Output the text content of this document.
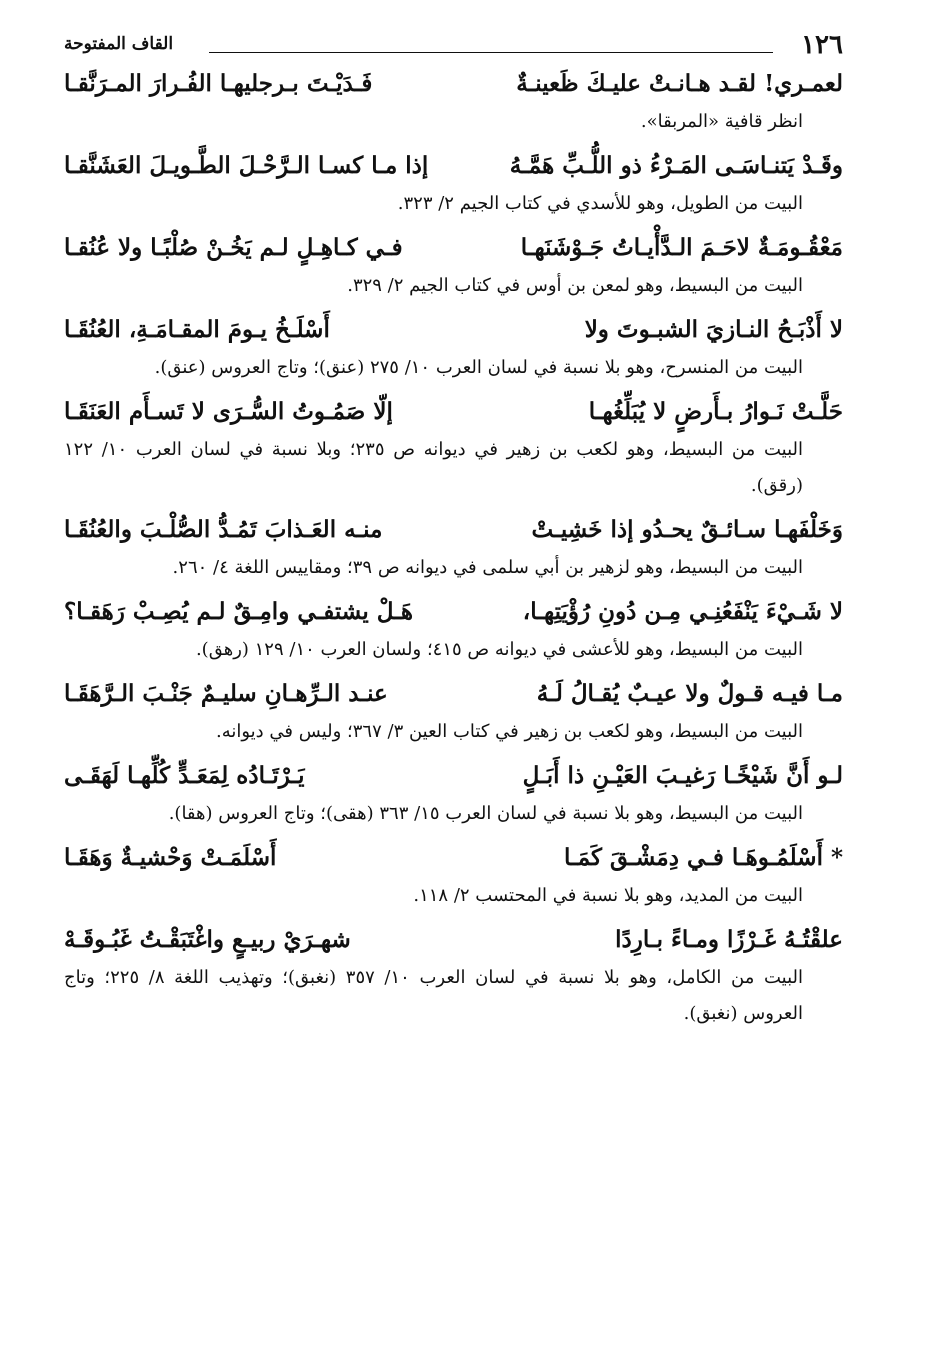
١٢٦
القاف المفتوحة
لعمـري! لقـد هـانـتْ عليـكَ ظَعينـةٌ
فَـدَيْـتَ بـرجليهـا الفُـرارَ المـرَنَّقـا
انظر قافية «المربقا».
وقَـدْ يَتنـاسَـى المَـرْءُ ذو اللُّـبِّ هَمَّـهُ
إذا مـا كسـا الـرَّحْـلَ الطَّـويـلَ العَشَنَّقـا
البيت من الطويل، وهو للأسدي في كتاب الجيم ٢/ ٣٢٣.
مَعْقُـومَـةٌ لاحَـمَ الـدَّأْيـاتُ جَـوْشَنَهـا
فـي كـاهِـلٍ لـم يَخُـنْ صُلْبًـا ولا عُنُقـا
البيت من البسيط، وهو لمعن بن أوس في كتاب الجيم ٢/ ٣٢٩.
لا أَذْبَـحُ النـازيَ الشبـوتَ ولا
أَسْلَـخُ يـومَ المقـامَـةِ، العُنُقَـا
البيت من المنسرح، وهو بلا نسبة في لسان العرب ١٠/ ٢٧٥ (عنق)؛ وتاج العروس (عنق).
حَلَّـتْ نَـوارُ بـأَرضٍ لا يُبَلِّغُهـا
إلّا صَمُـوتُ السُّـرَى لا تَسـأَم العَنَقَـا
البيت من البسيط، وهو لكعب بن زهير في ديوانه ص ٢٣٥؛ وبلا نسبة في لسان العرب ١٠/ ١٢٢ (رقق).
وَخَلْفَهـا سـائـقٌ يحـدُو إذا خَشِيـتْ
منـه العَـذابَ تَمُـدُّ الصُّلْـبَ والعُنُقَـا
البيت من البسيط، وهو لزهير بن أبي سلمى في ديوانه ص ٣٩؛ ومقاييس اللغة ٤/ ٢٦٠.
لا شَـيْءَ يَنْفَعُنِـي مِـن دُونِ رُؤْيَتِهـا،
هَـلْ يشتفـي وامِـقٌ لـم يُصِـبْ رَهَقـا؟
البيت من البسيط، وهو للأعشى في ديوانه ص ٤١٥؛ ولسان العرب ١٠/ ١٢٩ (رهق).
مـا فيـه قـولٌ ولا عيـبٌ يُقـالُ لَـهُ
عنـد الـرِّهـانِ سليـمٌ جَنْـبَ الـرَّهَقَـا
البيت من البسيط، وهو لكعب بن زهير في كتاب العين ٣/ ٣٦٧؛ وليس في ديوانه.
لـو أَنَّ شَيْخًـا رَغيـبَ العَيْـنِ ذا أَبَـلٍ
يَـرْتَـادُه لِمَعَـدٍّ كُلِّهـا لَهَقَـى
البيت من البسيط، وهو بلا نسبة في لسان العرب ١٥/ ٣٦٣ (هقى)؛ وتاج العروس (هقا).
* أَسْلَمُـوهَـا فـي دِمَشْـقَ كَمَـا
أَسْلَمَـتْ وَحْشيـةٌ وَهَقَـا
البيت من المديد، وهو بلا نسبة في المحتسب ٢/ ١١٨.
علقْتُـهُ غَـرْزًا ومـاءً بـارِدًا
شهـرَيْ ربيـعٍ واغْتَبَقْـتُ غَبُـوقَـهْ
البيت من الكامل، وهو بلا نسبة في لسان العرب ١٠/ ٣٥٧ (نغبق)؛ وتهذيب اللغة ٨/ ٢٢٥؛ وتاج العروس (نغبق).
